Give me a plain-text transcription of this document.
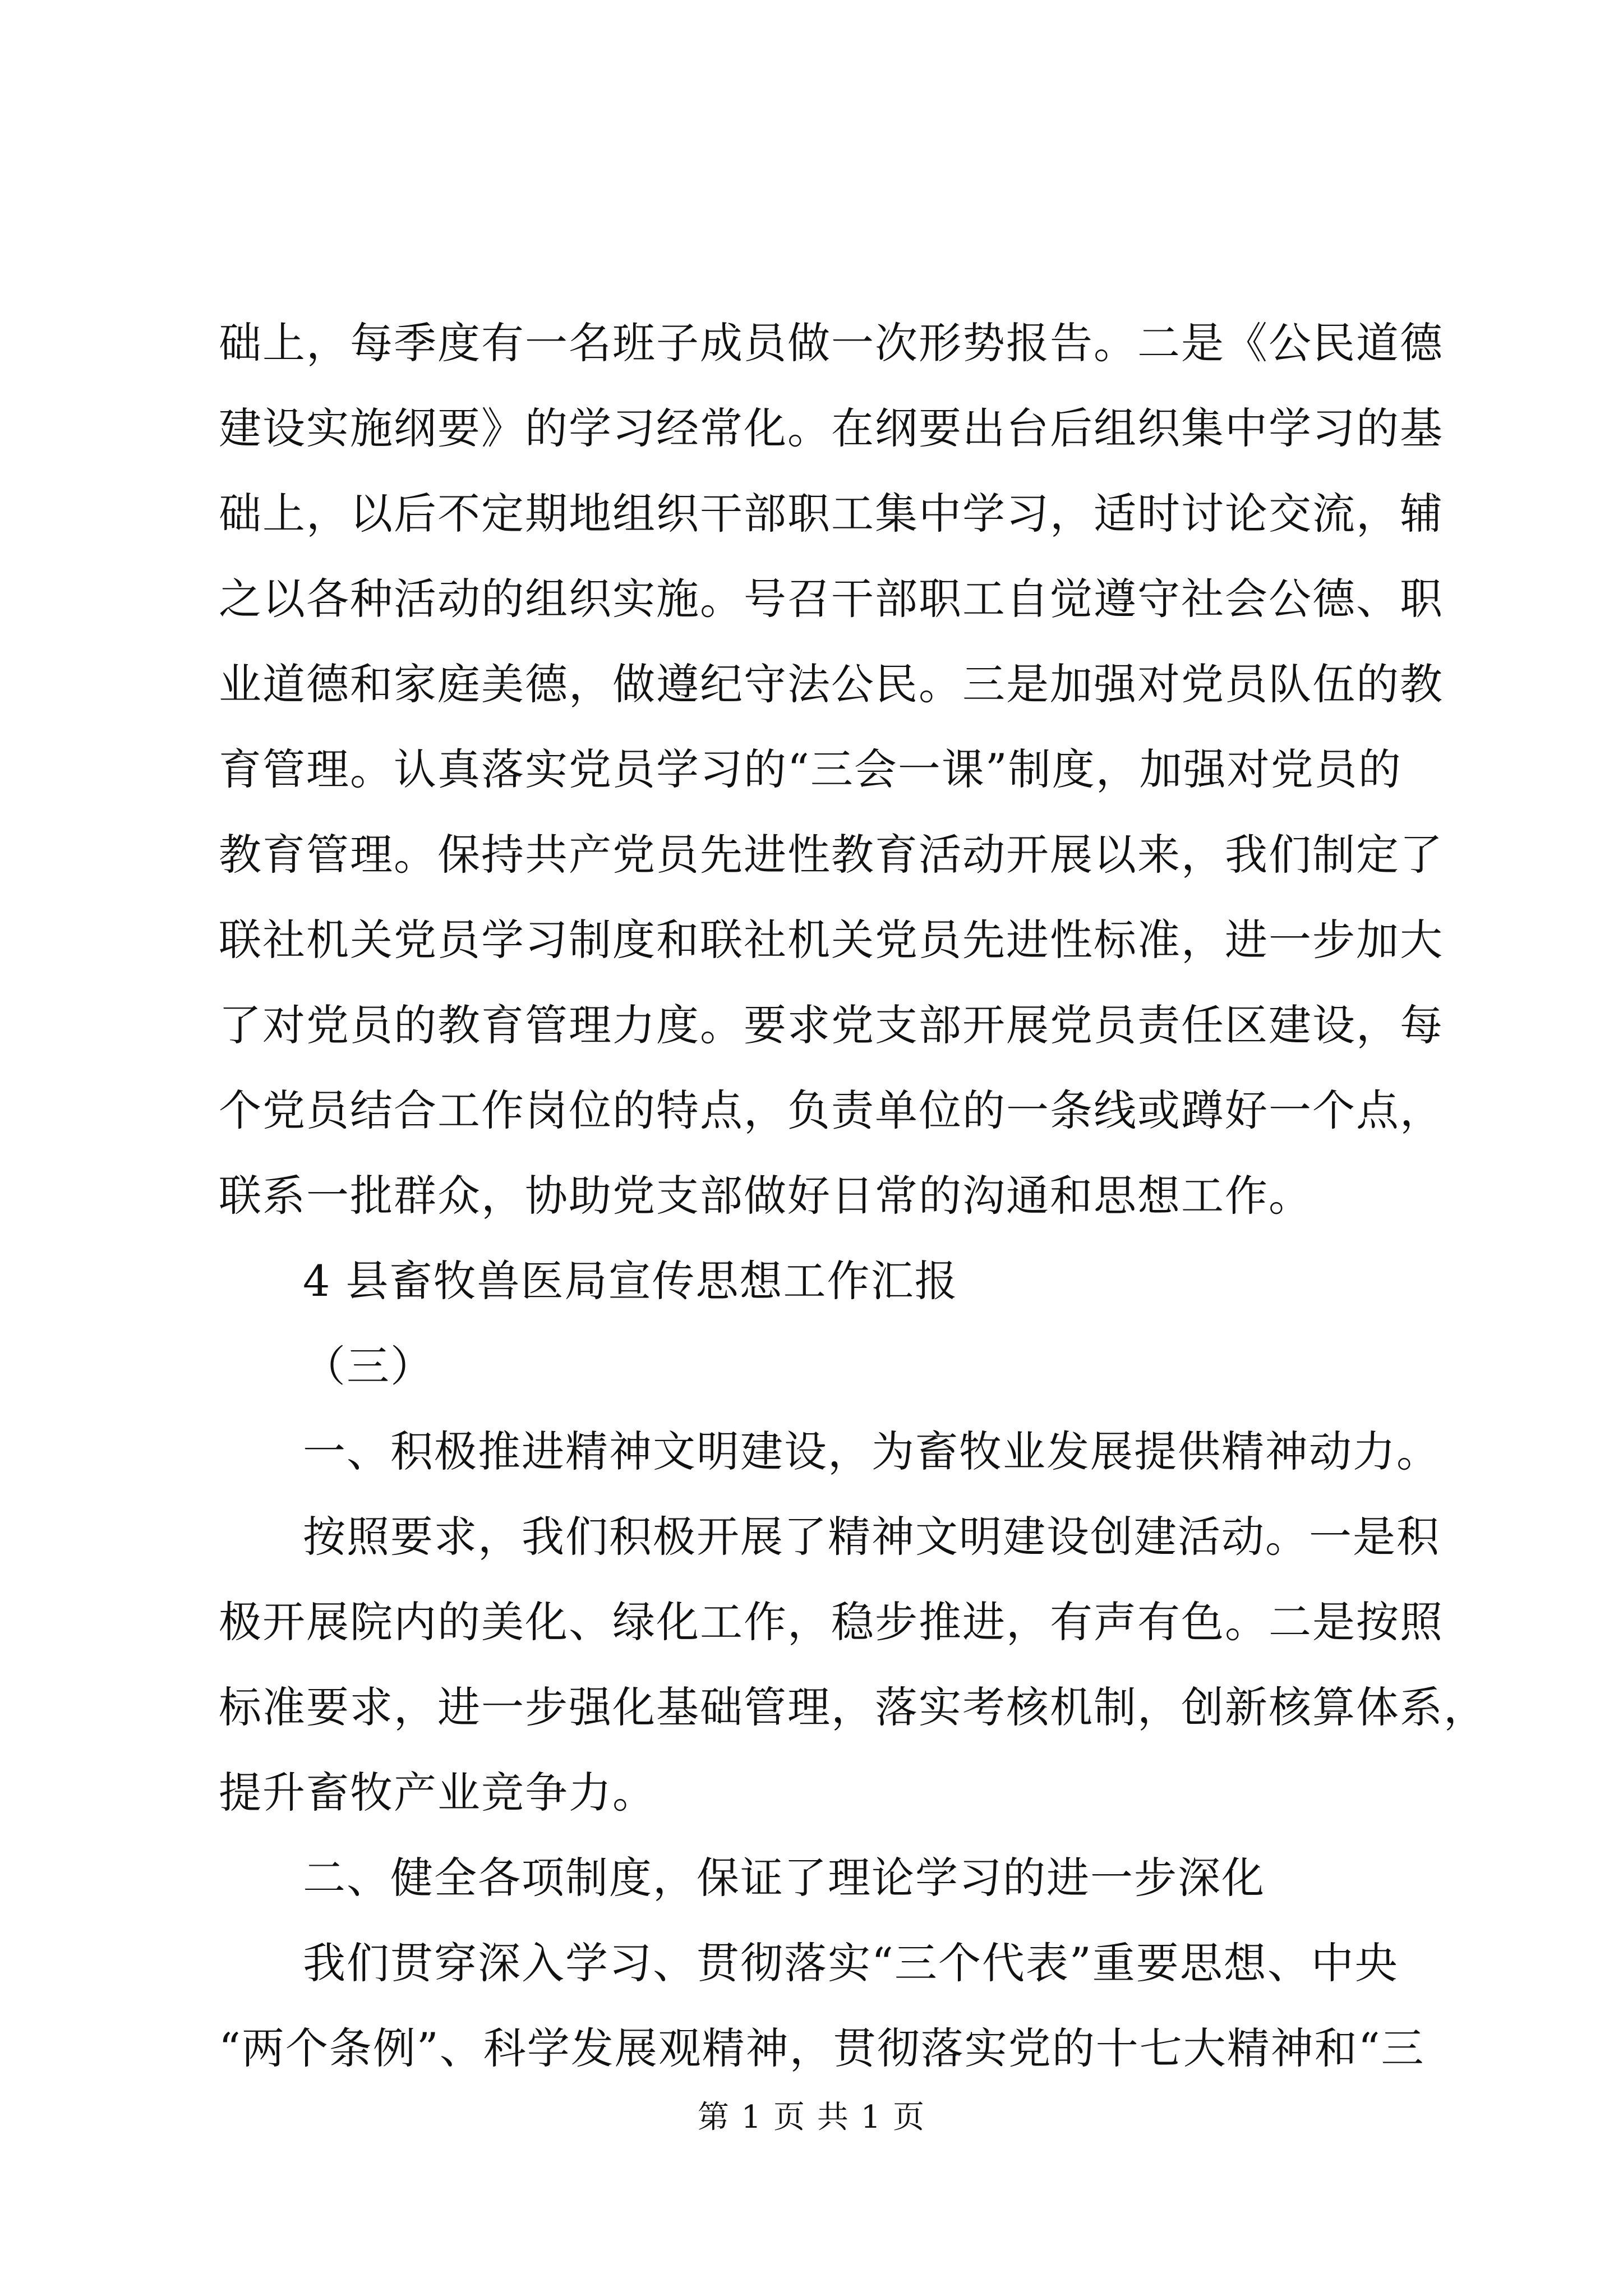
础上，每季度有一名班子成员做一次形势报告。二是《公民道德
建设实施纲要》的学习经常化。在纲要出台后组织集中学习的基
础上，以后不定期地组织干部职工集中学习，适时讨论交流，辅
之以各种活动的组织实施。号召干部职工自觉遵守社会公德、职
业道德和家庭美德，做遵纪守法公民。三是加强对党员队伍的教
育管理。认真落实党员学习的“三会一课”制度，加强对党员的
教育管理。保持共产党员先进性教育活动开展以来，我们制定了
联社机关党员学习制度和联社机关党员先进性标准，进一步加大
了对党员的教育管理力度。要求党支部开展党员责任区建设，每
个党员结合工作岗位的特点，负责单位的一条线或蹲好一个点，
联系一批群众，协助党支部做好日常的沟通和思想工作。
4 县畜牧兽医局宣传思想工作汇报
（三）
一、积极推进精神文明建设，为畜牧业发展提供精神动力。
按照要求，我们积极开展了精神文明建设创建活动。一是积
极开展院内的美化、绿化工作，稳步推进，有声有色。二是按照
标准要求，进一步强化基础管理，落实考核机制，创新核算体系，
提升畜牧产业竞争力。
二、健全各项制度，保证了理论学习的进一步深化
我们贯穿深入学习、贯彻落实“三个代表”重要思想、中央
“两个条例”、科学发展观精神，贯彻落实党的十七大精神和“三
第 1 页 共 1 页
